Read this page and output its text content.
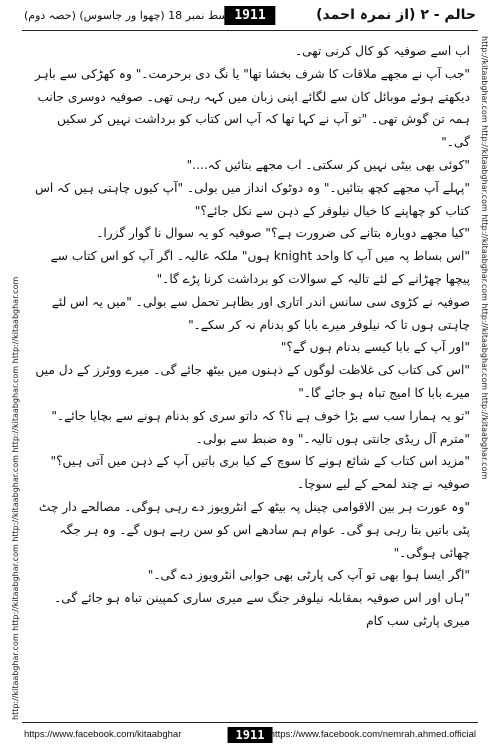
حالم - ۲ (از نمرہ احمد)
1911
قسط نمبر 18 (چھوا ور جاسوس) (حصہ دوم)
http://kitaabghar.com http://kitaabghar.com http://kitaabghar.com http://kitaabghar.com http://kitaabghar.com
http://kitaabghar.com http://kitaabghar.com http://kitaabghar.com http://kitaabghar.com http://kitaabghar.com

اب اسے صوفیہ کو کال کرنی تھی۔

"جب آپ نے مجھے ملاقات کا شرف بخشا تھا" یا نگ دی برحرمت۔" وہ کھڑکی سے باہر دیکھتے ہوئے موبائل کان سے لگائے اپنی زبان میں کہہ رہی تھی۔ صوفیہ دوسری جانب ہمہ تن گوش تھی۔ "تو آپ نے کہا تھا کہ آپ اس کتاب کو برداشت نہیں کر سکیں گی۔"

"کوئی بھی بیٹی نہیں کر سکتی۔ اب مجھے بتائیں کہ...."

"پہلے آپ مجھے کچھ بتائیں۔" وہ دوٹوک انداز میں بولی۔ "آپ کیوں چاہتی ہیں کہ اس کتاب کو چھاپنے کا خیال نیلوفر کے ذہن سے نکل جائے؟"

"کیا مجھے دوبارہ بتانے کی ضرورت ہے؟" صوفیہ کو یہ سوال نا گوار گزرا۔

"اس بساط پہ میں آپ کا واحد knight ہوں" ملکہ عالیہ۔ اگر آپ کو اس کتاب سے پیچھا چھڑانے کے لئے تالیہ کے سوالات کو برداشت کرنا پڑے گا۔"

صوفیہ نے کڑوی سی سانس اندر اتاری اور بظاہر تحمل سے بولی۔ "میں یہ اس لئے چاہتی ہوں تا کہ نیلوفر میرے بابا کو بدنام نہ کر سکے۔"

"اور آپ کے بابا کیسے بدنام ہوں گے؟"

"اس کی کتاب کی غلاظت لوگوں کے ذہنوں میں بیٹھ جائے گی۔ میرے ووٹرز کے دل میں میرے بابا کا امیج تباہ ہو جائے گا۔"

"تو یہ ہمارا سب سے بڑا خوف ہے نا؟ کہ داتو سری کو بدنام ہونے سے بچایا جائے۔"

"مترم آل ریڈی جانتی ہوں تالیہ۔" وہ ضبط سے بولی۔

"مزید اس کتاب کے شائع ہونے کا سوچ کے کیا بری باتیں آپ کے ذہن میں آتی ہیں؟"

صوفیہ نے چند لمحے کے لیے سوچا۔

"وہ عورت ہر بین الاقوامی چینل پہ بیٹھ کے انٹرویوز دے رہی ہوگی۔ مصالحے دار چٹ پٹی باتیں بتا رہی ہو گی۔ عوام ہم سادھے اس کو سن رہے ہوں گے۔ وہ ہر جگہ چھائی ہوگی۔"

"اگر ایسا ہوا بھی تو آپ کی پارٹی بھی جوابی انٹرویوز دے گی۔"

"ہاں اور اس صوفیہ بمقابلہ نیلوفر جنگ سے میری ساری کمپینن تباہ ہو جائے گی۔ میری پارٹی سب کام

https://www.facebook.com/kitaabghar	1911 https://www.facebook.com/nemrah.ahmed.official
